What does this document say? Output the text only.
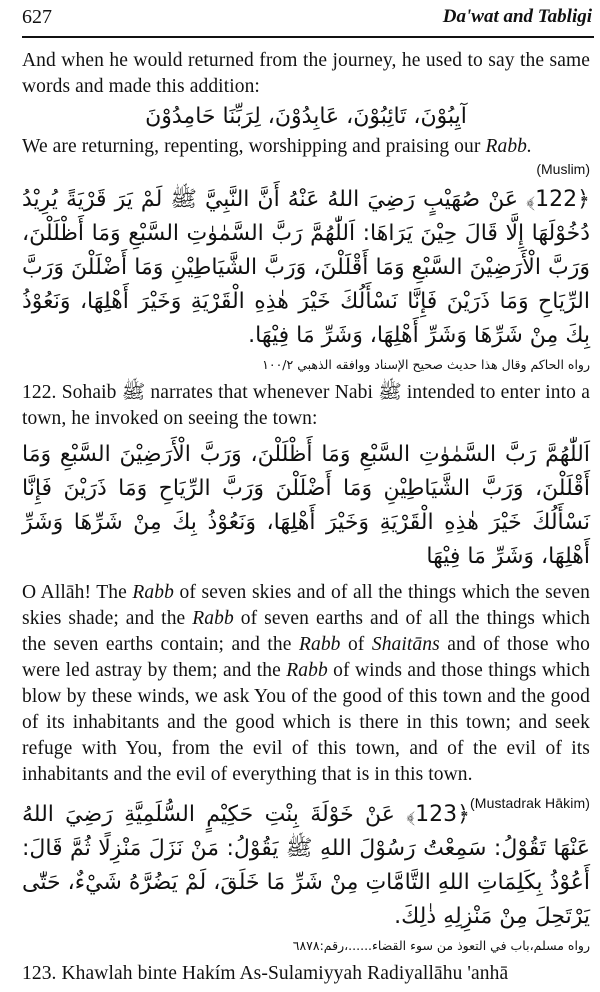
627	Da'wat and Tabligi

And when he would returned from the journey, he used to say the same words and made this addition:

آيِبُوْنَ، تَائِبُوْنَ، عَابِدُوْنَ، لِرَبِّنَا حَامِدُوْنَ

We are returning, repenting, worshipping and praising our Rabb.

(Muslim)

﴿122﴾ عَنْ صُهَيْبٍ رَضِيَ اللهُ عَنْهُ أَنَّ النَّبِيَّ ﷺ لَمْ يَرَ قَرْيَةً يُرِيْدُ دُخُوْلَهَا إِلَّا قَالَ حِيْنَ يَرَاهَا: اَللّٰهُمَّ رَبَّ السَّمٰوٰتِ السَّبْعِ وَمَا أَظْلَلْنَ، وَرَبَّ الْأَرَضِيْنَ السَّبْعِ وَمَا أَقْلَلْنَ، وَرَبَّ الشَّيَاطِيْنِ وَمَا أَضْلَلْنَ وَرَبَّ الرِّيَاحِ وَمَا ذَرَيْنَ فَإِنَّا نَسْأَلُكَ خَيْرَ هٰذِهِ الْقَرْيَةِ وَخَيْرَ أَهْلِهَا، وَنَعُوْذُ بِكَ مِنْ شَرِّهَا وَشَرِّ أَهْلِهَا، وَشَرِّ مَا فِيْهَا.

رواه الحاكم وقال هذا حديث صحيح الإسناد ووافقه الذهبي ١٠٠/٢

122. Sohaib ﷺ narrates that whenever Nabi ﷺ intended to enter into a town, he invoked on seeing the town:

اَللّٰهُمَّ رَبَّ السَّمٰوٰتِ السَّبْعِ وَمَا أَظْلَلْنَ، وَرَبَّ الْأَرَضِيْنَ السَّبْعِ وَمَا أَقْلَلْنَ، وَرَبَّ الشَّيَاطِيْنِ وَمَا أَضْلَلْنَ وَرَبَّ الرِّيَاحِ وَمَا ذَرَيْنَ فَإِنَّا نَسْأَلُكَ خَيْرَ هٰذِهِ الْقَرْيَةِ وَخَيْرَ أَهْلِهَا، وَنَعُوْذُ بِكَ مِنْ شَرِّهَا وَشَرِّ أَهْلِهَا، وَشَرِّ مَا فِيْهَا

O Allāh! The Rabb of seven skies and of all the things which the seven skies shade; and the Rabb of seven earths and of all the things which the seven earths contain; and the Rabb of Shaitāns and of those who were led astray by them; and the Rabb of winds and those things which blow by these winds, we ask You of the good of this town and the good of its inhabitants and the good which is there in this town; and seek refuge with You, from the evil of this town, and of the evil of its inhabitants and the evil of everything that is in this town.
(Mustadrak Hākim)

﴿123﴾ عَنْ خَوْلَةَ بِنْتِ حَكِيْمٍ السُّلَمِيَّةِ رَضِيَ اللهُ عَنْهَا تَقُوْلُ: سَمِعْتُ رَسُوْلَ اللهِ ﷺ يَقُوْلُ: مَنْ نَزَلَ مَنْزِلًا ثُمَّ قَالَ: أَعُوْذُ بِكَلِمَاتِ اللهِ التَّامَّاتِ مِنْ شَرِّ مَا خَلَقَ، لَمْ يَضُرَّهُ شَيْءٌ، حَتّٰى يَرْتَحِلَ مِنْ مَنْزِلِهِ ذٰلِكَ.

رواه مسلم،باب في التعوذ من سوء القضاء......،رقم:٦٨٧٨

123. Khawlah binte Hakím As-Sulamiyyah Radiyallāhu 'anhā
